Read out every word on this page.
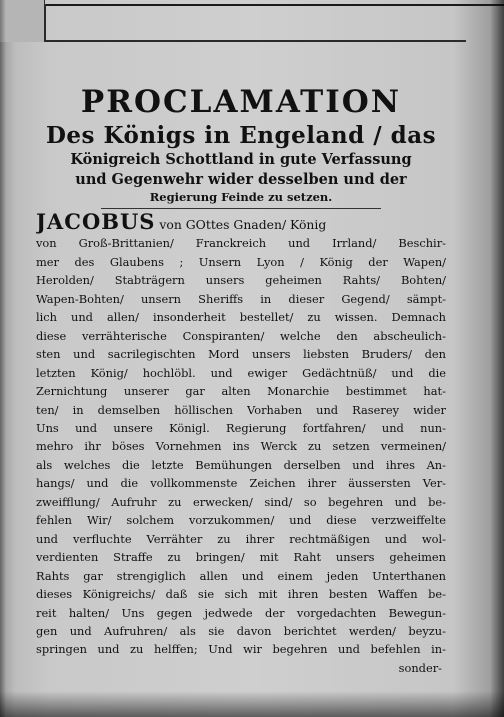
PROCLAMATION
Des Königs in Engeland / das
Königreich Schottland in gute Verfassung
und Gegenwehr wider desselben und der
Regierung Feinde zu setzen.
JACOBUS von GOttes Gnaden/ König
von Groß-Brittanien/ Franckreich und Irrland/ Beschir-
mer des Glaubens ; Unsern Lyon / König der Wapen/
Herolden/ Stabträgern unsers geheimen Rahts/ Bohten/
Wapen-Bohten/ unsern Sheriffs in dieser Gegend/ sämpt-
lich und allen/ insonderheit bestellet/ zu wissen. Demnach
diese verrähterische Conspiranten/ welche den abscheulich-
sten und sacrilegischten Mord unsers liebsten Bruders/ den
letzten König/ hochlöbl. und ewiger Gedächtnüß/ und die
Zernichtung unserer gar alten Monarchie bestimmet hat-
ten/ in demselben höllischen Vorhaben und Raserey wider
Uns und unsere Königl. Regierung fortfahren/ und nun-
mehro ihr böses Vornehmen ins Werck zu setzen vermeinen/
als welches die letzte Bemühungen derselben und ihres An-
hangs/ und die vollkommenste Zeichen ihrer äussersten Ver-
zweifflung/ Aufruhr zu erwecken/ sind/ so begehren und be-
fehlen Wir/ solchem vorzukommen/ und diese verzweiffelte
und verfluchte Verrähter zu ihrer rechtmäßigen und wol-
verdienten Straffe zu bringen/ mit Raht unsers geheimen
Rahts gar strengiglich allen und einem jeden Unterthanen
dieses Königreichs/ daß sie sich mit ihren besten Waffen be-
reit halten/ Uns gegen jedwede der vorgedachten Bewegun-
gen und Aufruhren/ als sie davon berichtet werden/ beyzu-
springen und zu helffen; Und wir begehren und befehlen in-
sonder-
